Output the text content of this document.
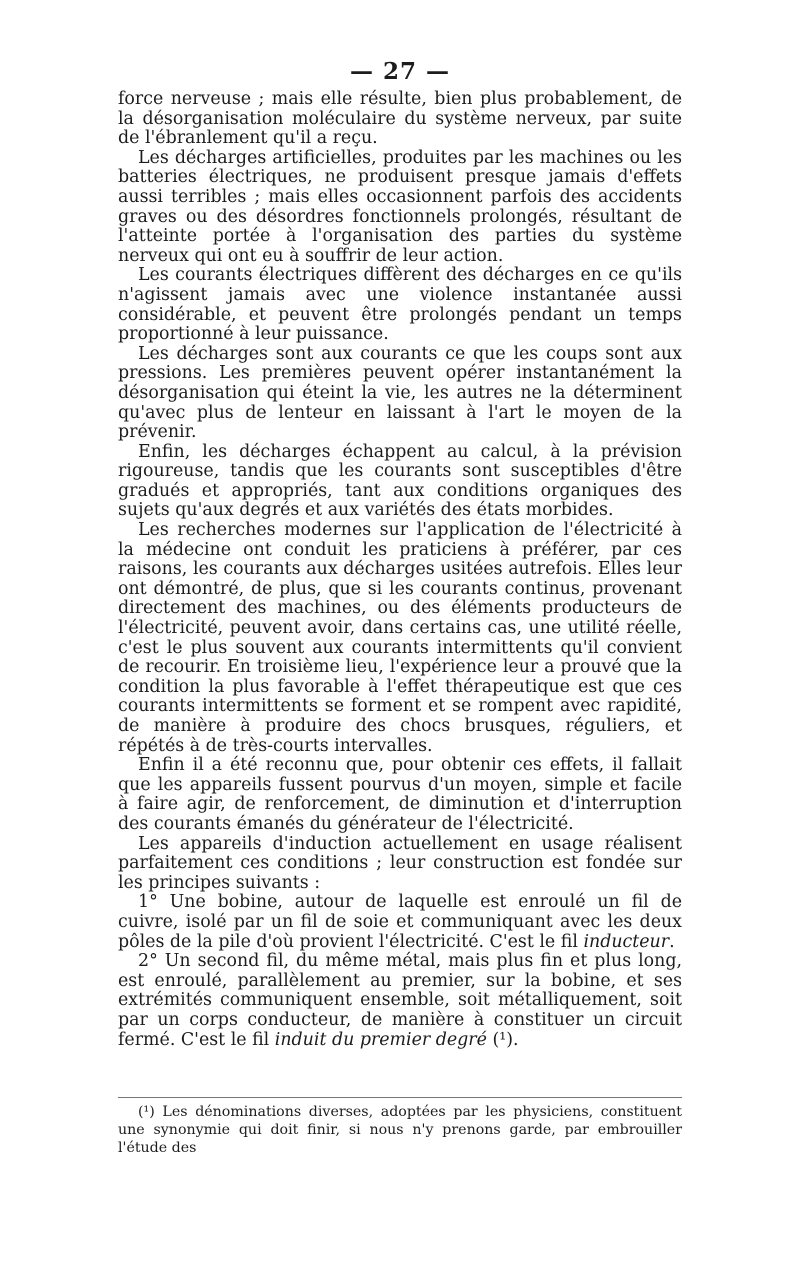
— 27 —

force nerveuse ; mais elle résulte, bien plus probablement, de la désorganisation moléculaire du système nerveux, par suite de l'ébranlement qu'il a reçu.

Les décharges artificielles, produites par les machines ou les batteries électriques, ne produisent presque jamais d'effets aussi terribles ; mais elles occasionnent parfois des accidents graves ou des désordres fonctionnels prolongés, résultant de l'atteinte portée à l'organisation des parties du système nerveux qui ont eu à souffrir de leur action.

Les courants électriques diffèrent des décharges en ce qu'ils n'agissent jamais avec une violence instantanée aussi considérable, et peuvent être prolongés pendant un temps proportionné à leur puissance.

Les décharges sont aux courants ce que les coups sont aux pressions. Les premières peuvent opérer instantanément la désorganisation qui éteint la vie, les autres ne la déterminent qu'avec plus de lenteur en laissant à l'art le moyen de la prévenir.

Enfin, les décharges échappent au calcul, à la prévision rigoureuse, tandis que les courants sont susceptibles d'être gradués et appropriés, tant aux conditions organiques des sujets qu'aux degrés et aux variétés des états morbides.

Les recherches modernes sur l'application de l'électricité à la médecine ont conduit les praticiens à préférer, par ces raisons, les courants aux décharges usitées autrefois. Elles leur ont démontré, de plus, que si les courants continus, provenant directement des machines, ou des éléments producteurs de l'électricité, peuvent avoir, dans certains cas, une utilité réelle, c'est le plus souvent aux courants intermittents qu'il convient de recourir. En troisième lieu, l'expérience leur a prouvé que la condition la plus favorable à l'effet thérapeutique est que ces courants intermittents se forment et se rompent avec rapidité, de manière à produire des chocs brusques, réguliers, et répétés à de très-courts intervalles.

Enfin il a été reconnu que, pour obtenir ces effets, il fallait que les appareils fussent pourvus d'un moyen, simple et facile à faire agir, de renforcement, de diminution et d'interruption des courants émanés du générateur de l'électricité.

Les appareils d'induction actuellement en usage réalisent parfaitement ces conditions ; leur construction est fondée sur les principes suivants :

1° Une bobine, autour de laquelle est enroulé un fil de cuivre, isolé par un fil de soie et communiquant avec les deux pôles de la pile d'où provient l'électricité. C'est le fil inducteur.

2° Un second fil, du même métal, mais plus fin et plus long, est enroulé, parallèlement au premier, sur la bobine, et ses extrémités communiquent ensemble, soit métalliquement, soit par un corps conducteur, de manière à constituer un circuit fermé. C'est le fil induit du premier degré (¹).

(¹) Les dénominations diverses, adoptées par les physiciens, constituent une synonymie qui doit finir, si nous n'y prenons garde, par embrouiller l'étude des
